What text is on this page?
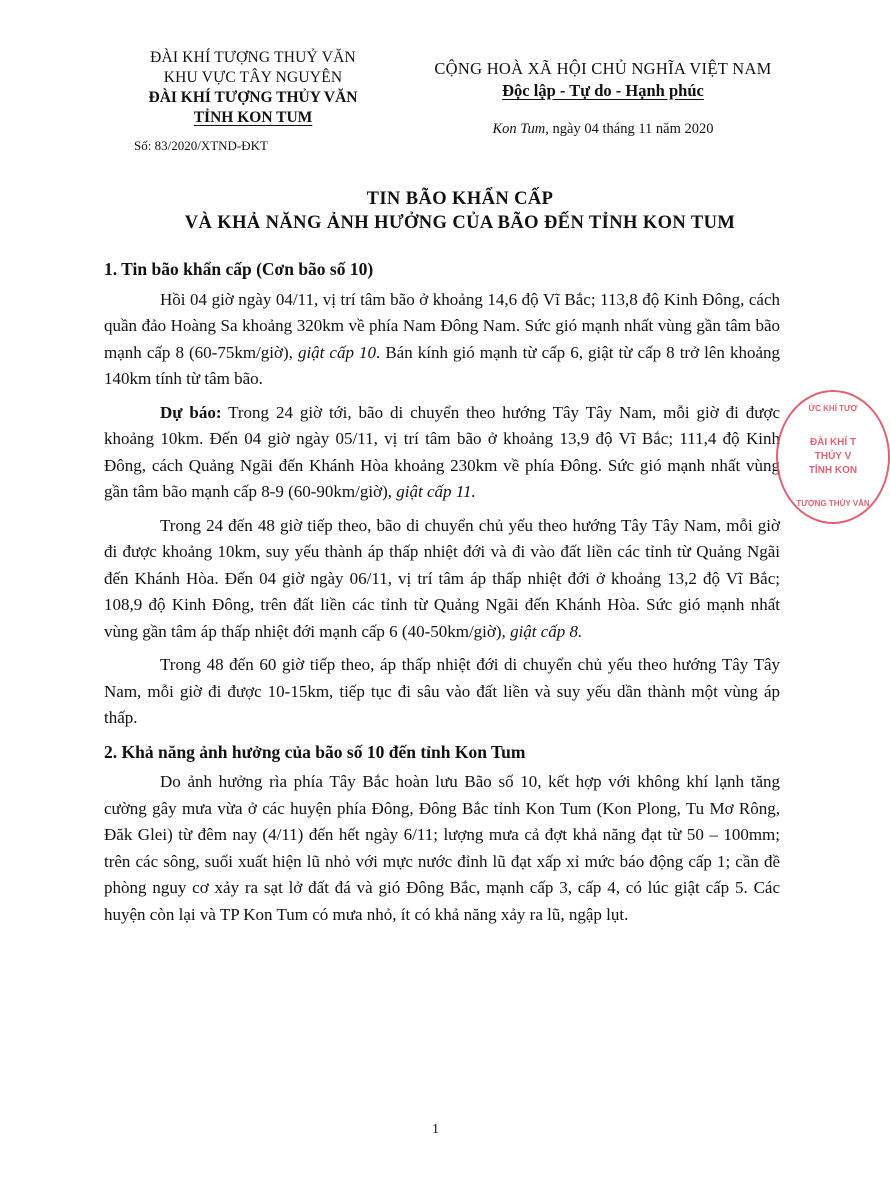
ĐÀI KHÍ TƯỢNG THUỶ VĂN
KHU VỰC TÂY NGUYÊN
ĐÀI KHÍ TƯỢNG THỦY VĂN
TỈNH KON TUM
Số: 83/2020/XTND-ĐKT
CỘNG HOÀ XÃ HỘI CHỦ NGHĨA VIỆT NAM
Độc lập - Tự do - Hạnh phúc
Kon Tum, ngày 04 tháng 11 năm 2020
TIN BÃO KHẨN CẤP
VÀ KHẢ NĂNG ẢNH HƯỞNG CỦA BÃO ĐẾN TỈNH KON TUM
1. Tin bão khẩn cấp (Cơn bão số 10)

Hồi 04 giờ ngày 04/11, vị trí tâm bão ở khoảng 14,6 độ Vĩ Bắc; 113,8 độ Kinh Đông, cách quần đảo Hoàng Sa khoảng 320km về phía Nam Đông Nam. Sức gió mạnh nhất vùng gần tâm bão mạnh cấp 8 (60-75km/giờ), giật cấp 10. Bán kính gió mạnh từ cấp 6, giật từ cấp 8 trở lên khoảng 140km tính từ tâm bão.

Dự báo: Trong 24 giờ tới, bão di chuyển theo hướng Tây Tây Nam, mỗi giờ đi được khoảng 10km. Đến 04 giờ ngày 05/11, vị trí tâm bão ở khoảng 13,9 độ Vĩ Bắc; 111,4 độ Kinh Đông, cách Quảng Ngãi đến Khánh Hòa khoảng 230km về phía Đông. Sức gió mạnh nhất vùng gần tâm bão mạnh cấp 8-9 (60-90km/giờ), giật cấp 11.

Trong 24 đến 48 giờ tiếp theo, bão di chuyển chủ yếu theo hướng Tây Tây Nam, mỗi giờ đi được khoảng 10km, suy yếu thành áp thấp nhiệt đới và đi vào đất liền các tỉnh từ Quảng Ngãi đến Khánh Hòa. Đến 04 giờ ngày 06/11, vị trí tâm áp thấp nhiệt đới ở khoảng 13,2 độ Vĩ Bắc; 108,9 độ Kinh Đông, trên đất liền các tỉnh từ Quảng Ngãi đến Khánh Hòa. Sức gió mạnh nhất vùng gần tâm áp thấp nhiệt đới mạnh cấp 6 (40-50km/giờ), giật cấp 8.

Trong 48 đến 60 giờ tiếp theo, áp thấp nhiệt đới di chuyển chủ yếu theo hướng Tây Tây Nam, mỗi giờ đi được 10-15km, tiếp tục đi sâu vào đất liền và suy yếu dần thành một vùng áp thấp.

2. Khả năng ảnh hưởng của bão số 10 đến tỉnh Kon Tum

Do ảnh hưởng rìa phía Tây Bắc hoàn lưu Bão số 10, kết hợp với không khí lạnh tăng cường gây mưa vừa ở các huyện phía Đông, Đông Bắc tỉnh Kon Tum (Kon Plong, Tu Mơ Rông, Đăk Glei) từ đêm nay (4/11) đến hết ngày 6/11; lượng mưa cả đợt khả năng đạt từ 50 – 100mm; trên các sông, suối xuất hiện lũ nhỏ với mực nước đỉnh lũ đạt xấp xỉ mức báo động cấp 1; cần đề phòng nguy cơ xảy ra sạt lở đất đá và gió Đông Bắc, mạnh cấp 3, cấp 4, có lúc giật cấp 5. Các huyện còn lại và TP Kon Tum có mưa nhỏ, ít có khả năng xảy ra lũ, ngập lụt.

ỨC KHÍ TƯỢ
ĐÀI KHÍ T
THỦY V
TỈNH KON
TƯỢNG THỦY VĂN
1
